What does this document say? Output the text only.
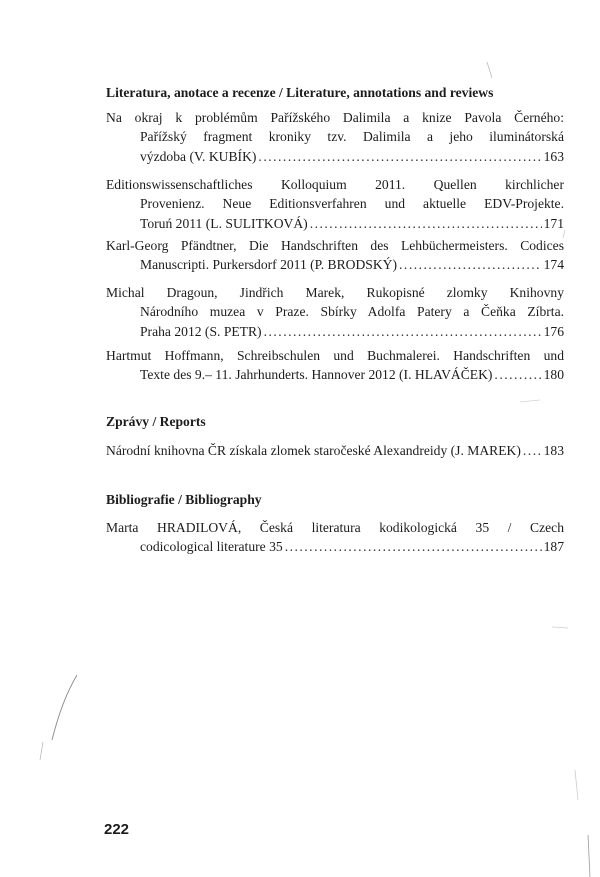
Literatura, anotace a recenze / Literature, annotations and reviews
Na okraj k problémům Pařížského Dalimila a knize Pavola Černého:
Pařížský fragment kroniky tzv. Dalimila a jeho iluminátorská
výzdoba (V. KUBÍK) .....	163
Editionswissenschaftliches Kolloquium 2011. Quellen kirchlicher
Provenienz. Neue Editionsverfahren und aktuelle EDV-Projekte.
Toruń 2011 (L. SULITKOVÁ) .....	171
Karl-Georg Pfändtner, Die Handschriften des Lehbüchermeisters. Codices
Manuscripti. Purkersdorf 2011 (P. BRODSKÝ) .....	174
Michal Dragoun, Jindřich Marek, Rukopisné zlomky Knihovny
Národního muzea v Praze. Sbírky Adolfa Patery a Čeňka Zíbrta.
Praha 2012 (S. PETR) .....	176
Hartmut Hoffmann, Schreibschulen und Buchmalerei. Handschriften und
Texte des 9.– 11. Jahrhunderts. Hannover 2012 (I. HLAVÁČEK) .....	180
Zprávy / Reports
Národní knihovna ČR získala zlomek staročeské Alexandreidy (J. MAREK) ..... 183
Bibliografie / Bibliography
Marta HRADILOVÁ, Česká literatura kodikologická 35 / Czech
codicological literature 35 .....	187
222
